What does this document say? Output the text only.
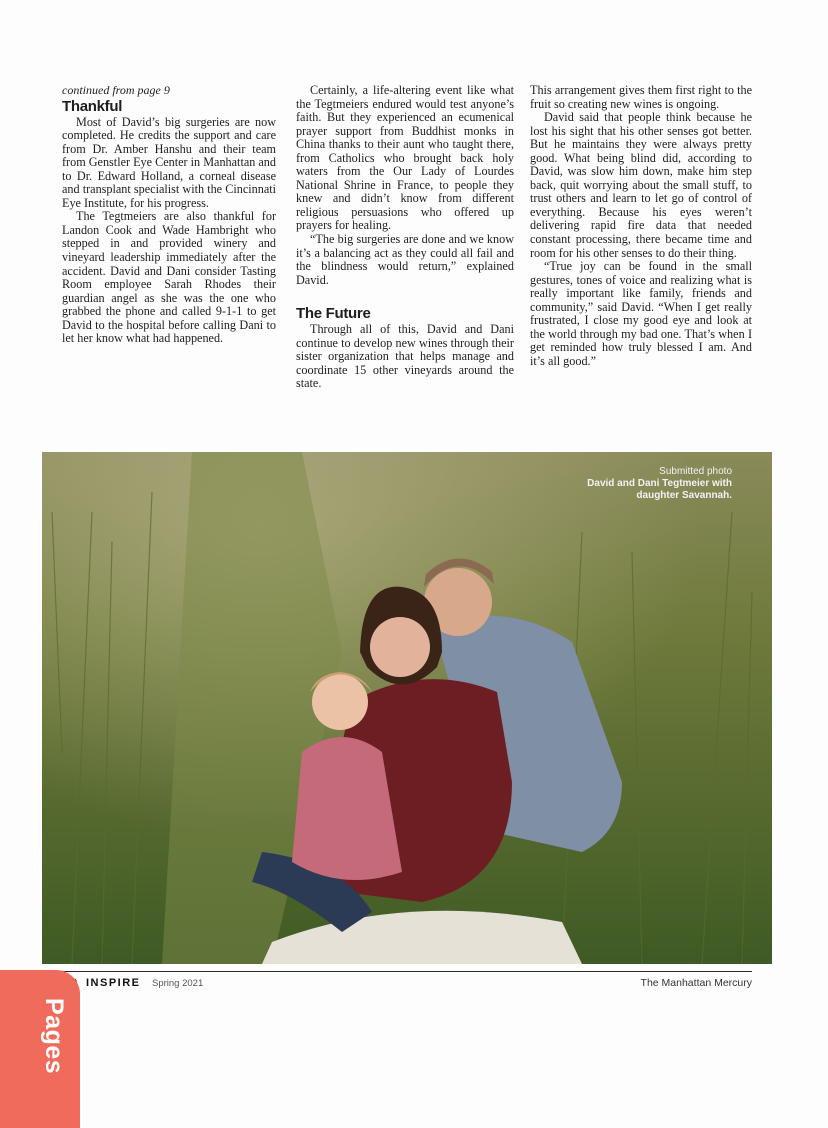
continued from page 9

Thankful

Most of David’s big surgeries are now completed. He credits the support and care from Dr. Amber Hanshu and their team from Genstler Eye Center in Manhattan and to Dr. Edward Holland, a corneal disease and transplant specialist with the Cincinnati Eye Institute, for his progress.

The Tegtmeiers are also thankful for Landon Cook and Wade Hambright who stepped in and provided winery and vineyard leadership immediately after the accident. David and Dani consider Tasting Room employee Sarah Rhodes their guardian angel as she was the one who grabbed the phone and called 9-1-1 to get David to the hospital before calling Dani to let her know what had happened.

Certainly, a life-altering event like what the Tegtmeiers endured would test anyone’s faith. But they experienced an ecumenical prayer support from Buddhist monks in China thanks to their aunt who taught there, from Catholics who brought back holy waters from the Our Lady of Lourdes National Shrine in France, to people they knew and didn’t know from different religious persuasions who offered up prayers for healing.

“The big surgeries are done and we know it’s a balancing act as they could all fail and the blindness would return,” explained David.

The Future

Through all of this, David and Dani continue to develop new wines through their sister organization that helps manage and coordinate 15 other vineyards around the state.

This arrangement gives them first right to the fruit so creating new wines is ongoing.

David said that people think because he lost his sight that his other senses got better. But he maintains they were always pretty good. What being blind did, according to David, was slow him down, make him step back, quit worrying about the small stuff, to trust others and learn to let go of control of everything. Because his eyes weren’t delivering rapid fire data that needed constant processing, there became time and room for his other senses to do their thing.

“True joy can be found in the small gestures, tones of voice and realizing what is really important like family, friends and community,” said David. “When I get really frustrated, I close my good eye and look at the world through my bad one. That’s when I get reminded how truly blessed I am. And it’s all good.”

Submitted photo
David and Dani Tegtmeier with
daughter Savannah.
INSPIRE Spring 2021	The Manhattan Mercury
Pages
